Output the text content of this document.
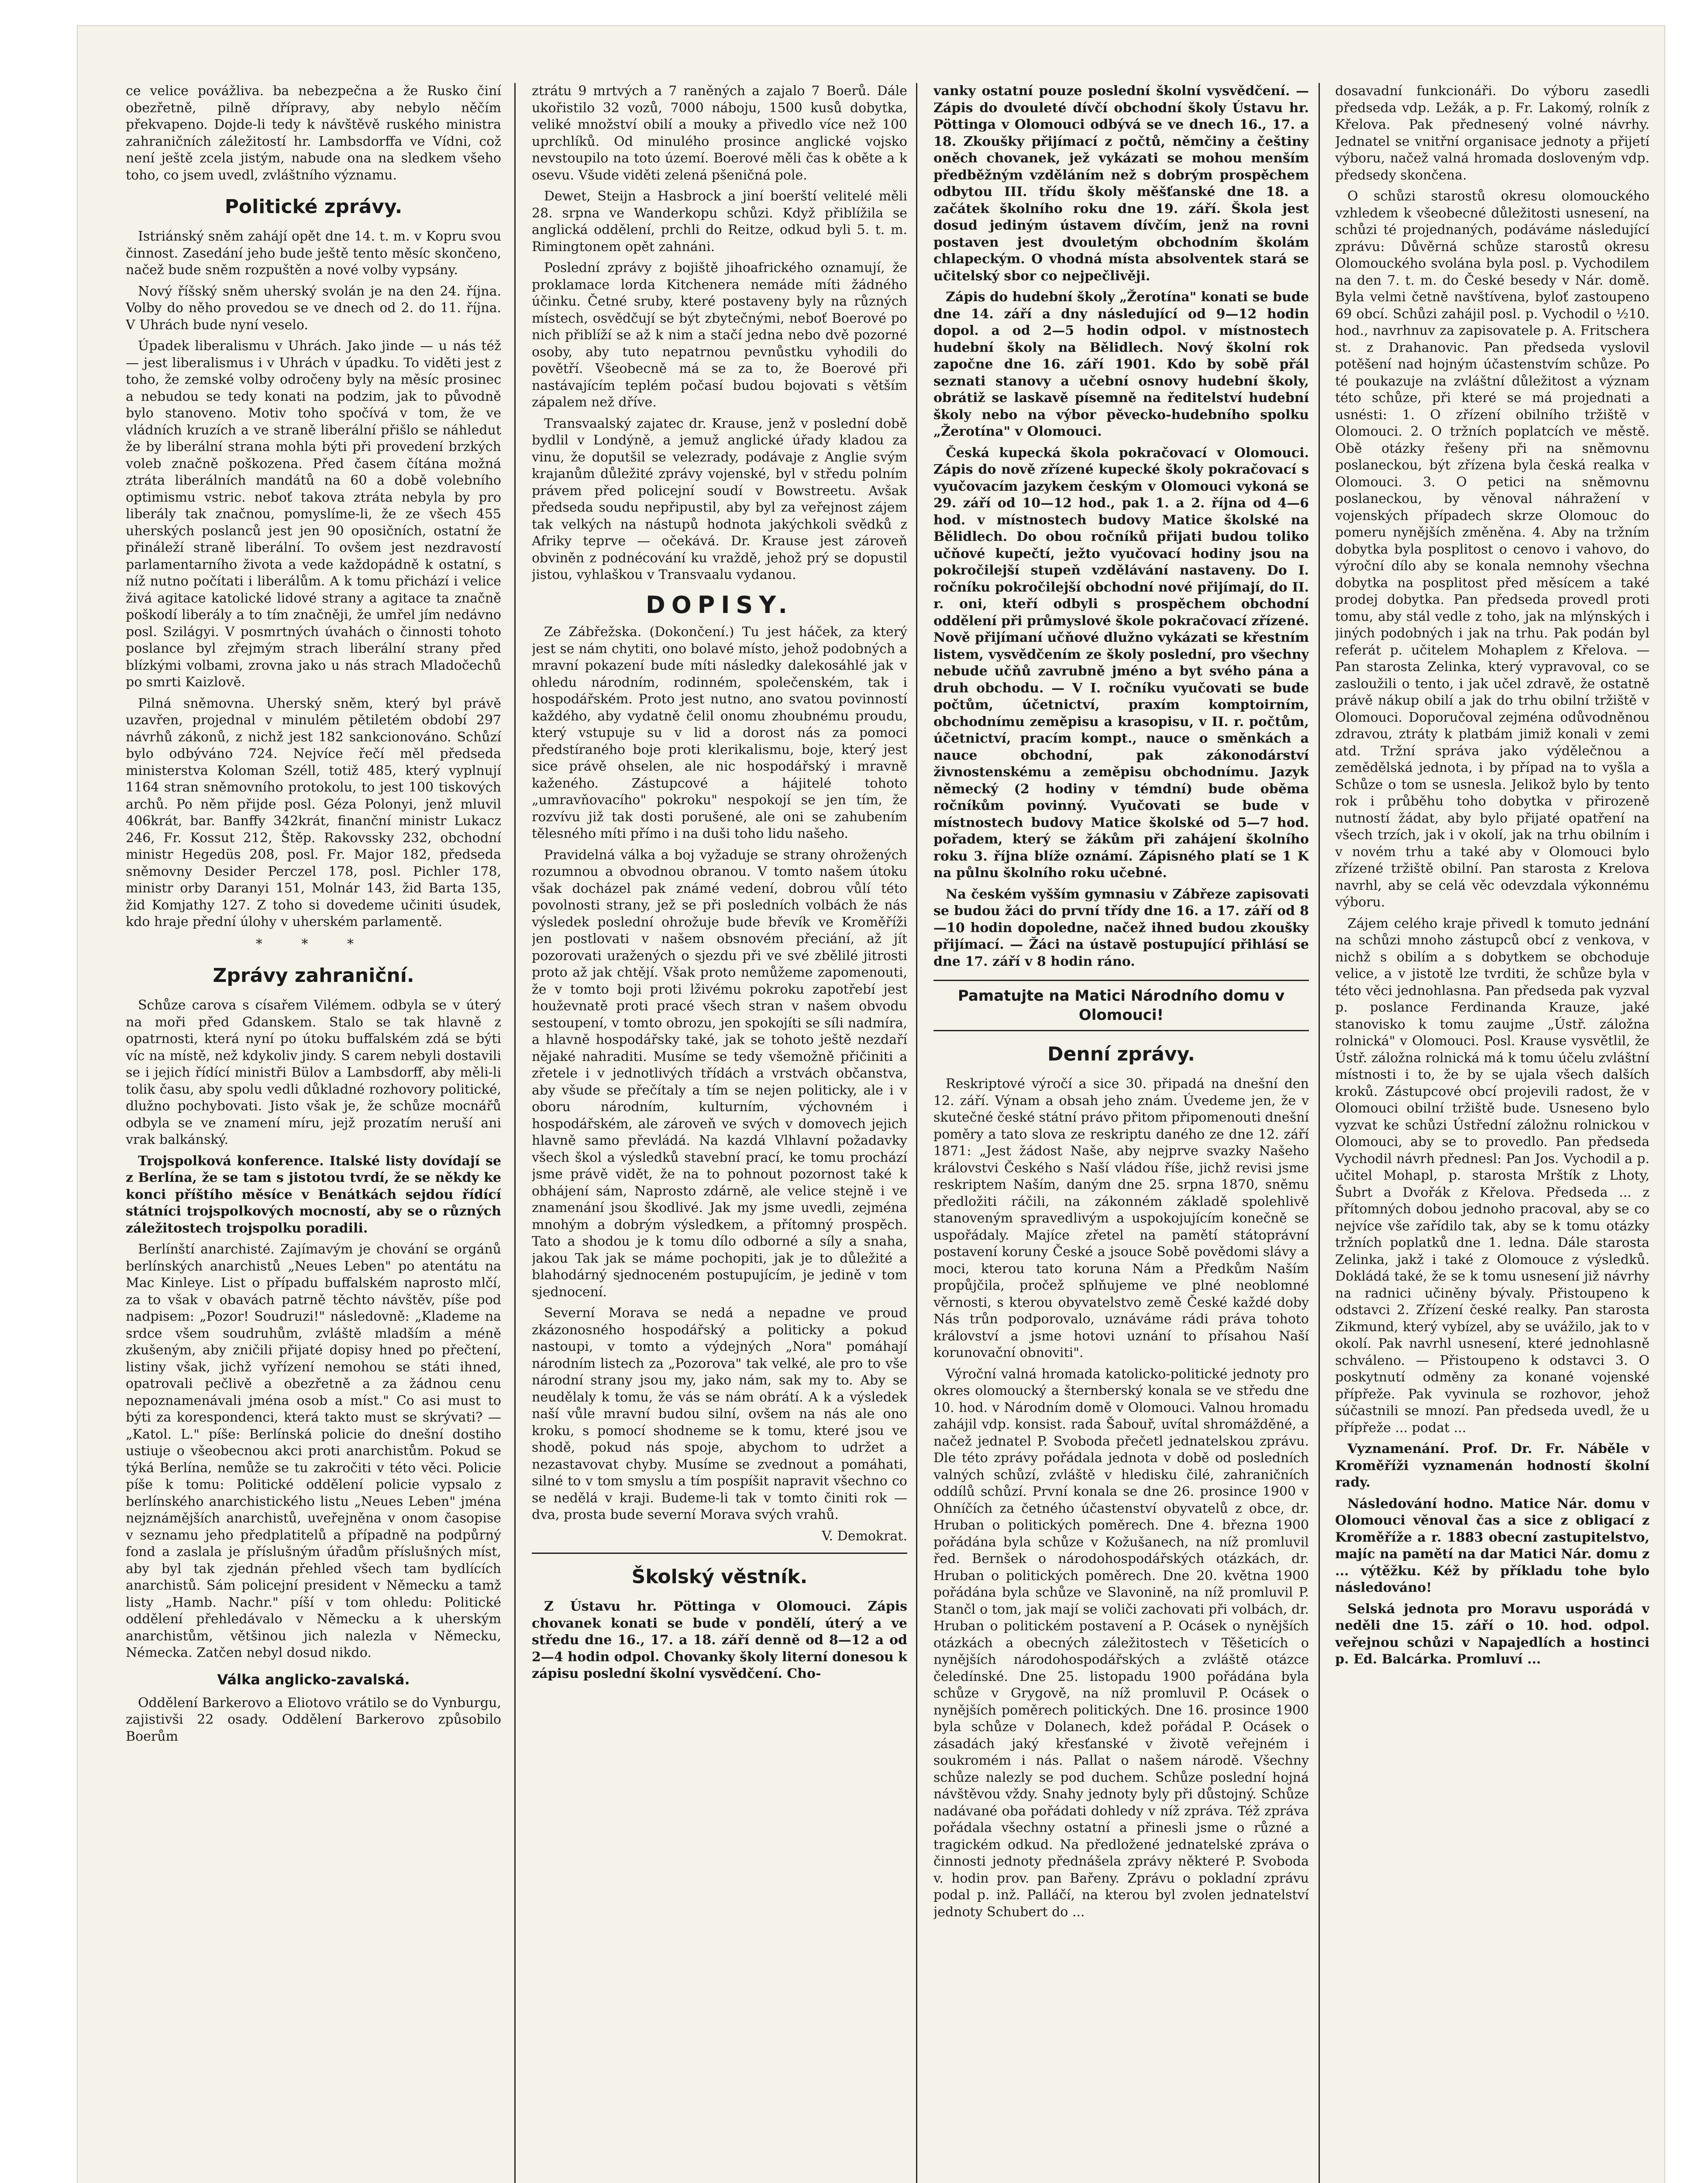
ce velice povážliva. ba nebezpečna a že Rusko činí obezřetně, pilně dřípravy, aby nebylo něčím překvapeno. Dojde-li tedy k návštěvě ruského ministra zahraničních záležitostí hr. Lambsdorffa ve Vídni, což není ještě zcela jistým, nabude ona na sledkem všeho toho, co jsem uvedl, zvláštního významu.

Politické zprávy.

Istriánský sněm zahájí opět dne 14. t. m. v Kopru svou činnost. Zasedání jeho bude ještě tento měsíc skončeno, načež bude sněm rozpuštěn a nové volby vypsány.

Nový říšský sněm uherský svolán je na den 24. října. Volby do něho provedou se ve dnech od 2. do 11. října. V Uhrách bude nyní veselo.

Úpadek liberalismu v Uhrách. Jako jinde — u nás též — jest liberalismus i v Uhrách v úpadku. To viděti jest z toho, že zemské volby odročeny byly na měsíc prosinec a nebudou se tedy konati na podzim, jak to původně bylo stanoveno. Motiv toho spočívá v tom, že ve vládních kruzích a ve straně liberální přišlo se náhledut že by liberální strana mohla býti při provedení brzkých voleb značně poškozena. Před časem čítána možná ztráta liberálních mandátů na 60 a době volebního optimismu vstric. neboť takova ztráta nebyla by pro liberály tak značnou, pomyslíme-li, že ze všech 455 uherských poslanců jest jen 90 oposičních, ostatní že přináleží straně liberální. To ovšem jest nezdravostí parlamentarního života a vede každopádně k ostatní, s níž nutno počítati i liberálům. A k tomu přichází i velice živá agitace katolické lidové strany a agitace ta značně poškodí liberály a to tím značněji, že umřel jím nedávno posl. Szilágyi. V posmrtných úvahách o činnosti tohoto poslance byl zřejmým strach liberální strany před blízkými volbami, zrovna jako u nás strach Mladočechů po smrti Kaizlově.

Pilná sněmovna. Uherský sněm, který byl právě uzavřen, projednal v minulém pětiletém období 297 návrhů zákonů, z nichž jest 182 sankcionováno. Schůzí bylo odbýváno 724. Nejvíce řečí měl předseda ministerstva Koloman Széll, totiž 485, který vyplnují 1164 stran sněmovního protokolu, to jest 100 tiskových archů. Po něm přijde posl. Géza Polonyi, jenž mluvil 406krát, bar. Banffy 342krát, finanční ministr Lukacz 246, Fr. Kossut 212, Štěp. Rakovssky 232, obchodní ministr Hegedüs 208, posl. Fr. Major 182, předseda sněmovny Desider Perczel 178, posl. Pichler 178, ministr orby Daranyi 151, Molnár 143, žid Barta 135, žid Komjathy 127. Z toho si dovedeme učiniti úsudek, kdo hraje přední úlohy v uherském parlamentě.

* * *
Zprávy zahraniční.

Schůze carova s císařem Vilémem. odbyla se v úterý na moři před Gdanskem. Stalo se tak hlavně z opatrnosti, která nyní po útoku buffalském zdá se býti víc na místě, než kdykoliv jindy. S carem nebyli dostavili se i jejich řídící ministři Bülov a Lambsdorff, aby měli-li tolik času, aby spolu vedli důkladné rozhovory politické, dlužno pochybovati. Jisto však je, že schůze mocnářů odbyla se ve znamení míru, jejž prozatím neruší ani vrak balkánský.

Trojspolková konference. Italské listy dovídají se z Berlína, že se tam s jistotou tvrdí, že se někdy ke konci příštího měsíce v Benátkách sejdou řídící státníci trojspolkových mocností, aby se o různých záležitostech trojspolku poradili.

Berlínští anarchisté. Zajímavým je chování se orgánů berlínských anarchistů „Neues Leben" po atentátu na Mac Kinleye. List o případu buffalském naprosto mlčí, za to však v obavách patrně těchto návštěv, píše pod nadpisem: „Pozor! Soudruzi!" následovně: „Klademe na srdce všem soudruhům, zvláště mladším a méně zkušeným, aby zničili přijaté dopisy hned po přečtení, listiny však, jichž vyřízení nemohou se státi ihned, opatrovali pečlivě a obezřetně a za žádnou cenu nepoznamenávali jména osob a míst." Co asi must to býti za korespondenci, která takto must se skrývati? — „Katol. L." píše: Berlínská policie do dnešní dostiho ustiuje o všeobecnou akci proti anarchistům. Pokud se týká Berlína, nemůže se tu zakročiti v této věci. Policie píše k tomu: Politické oddělení policie vypsalo z berlínského anarchistického listu „Neues Leben" jména nejznámějších anarchistů, uveřejněna v onom časopise v seznamu jeho předplatitelů a případně na podpůrný fond a zaslala je příslušným úřadům příslušných míst, aby byl tak zjednán přehled všech tam bydlících anarchistů. Sám policejní president v Německu a tamž listy „Hamb. Nachr." píší v tom ohledu: Politické oddělení přehledávalo v Německu a k uherským anarchistům, většinou jich nalezla v Německu, Némecka. Zatčen nebyl dosud nikdo.

Válka anglicko-zavalská.

Oddělení Barkerovo a Eliotovo vrátilo se do Vynburgu, zajistivši 22 osady. Oddělení Barkerovo způsobilo Boerům

ztrátu 9 mrtvých a 7 raněných a zajalo 7 Boerů. Dále ukořistilo 32 vozů, 7000 náboju, 1500 kusů dobytka, veliké množství obilí a mouky a přivedlo více než 100 uprchlíků. Od minulého prosince anglické vojsko nevstoupilo na toto území. Boerové měli čas k oběte a k osevu. Všude viděti zelená pšeničná pole.

Dewet, Steijn a Hasbrock a jiní boerští velitelé měli 28. srpna ve Wanderkopu schůzi. Když přiblížila se anglická oddělení, prchli do Reitze, odkud byli 5. t. m. Rimingtonem opět zahnáni.

Poslední zprávy z bojiště jihoafrického oznamují, že proklamace lorda Kitchenera nemáde míti žádného účinku. Četné sruby, které postaveny byly na různých místech, osvědčují se být zbytečnými, neboť Boerové po nich přiblíží se až k nim a stačí jedna nebo dvě pozorné osoby, aby tuto nepatrnou pevnůstku vyhodili do povětří. Všeobecně má se za to, že Boerové při nastávajícím teplém počasí budou bojovati s větším zápalem než dříve.

Transvaalský zajatec dr. Krause, jenž v poslední době bydlil v Londýně, a jemuž anglické úřady kladou za vinu, že doputšil se velezrady, podávaje z Anglie svým krajanům důležité zprávy vojenské, byl v středu polním právem před policejní soudí v Bowstreetu. Avšak předseda soudu nepřipustil, aby byl za veřejnost zájem tak velkých na nástupů hodnota jakýchkoli svědků z Afriky teprve — očekává. Dr. Krause jest zároveň obviněn z podnécování ku vraždě, jehož prý se dopustil jistou, vyhlaškou v Transvaalu vydanou.

DOPISY.

Ze Zábřežska. (Dokončení.) Tu jest háček, za který jest se nám chytiti, ono bolavé místo, jehož podobných a mravní pokazení bude míti následky dalekosáhlé jak v ohledu národním, rodinném, společenském, tak i hospodářském. Proto jest nutno, ano svatou povinností každého, aby vydatně čelil onomu zhoubnému proudu, který vstupuje su v lid a dorost nás za pomoci předstíraného boje proti klerikalismu, boje, který jest sice právě ohselen, ale nic hospodářský i mravně kaženého. Zástupcové a hájitelé tohoto „umravňovacího" pokroku" nespokojí se jen tím, že rozvívu již tak dosti porušené, ale oni se zahubením tělesného míti přímo i na duši toho lidu našeho.

Pravidelná válka a boj vyžaduje se strany ohrožených rozumnou a obvodnou obranou. V tomto našem útoku však docházel pak známé vedení, dobrou vůlí této povolnosti strany, jež se při posledních volbách že nás výsledek poslední ohrožuje bude břevík ve Kroměříži jen postlovati v našem obsnovém přeciání, až jít pozorovati uražených o sjezdu při ve své zbělilé jitrosti proto až jak chtějí. Však proto nemůžeme zapomenouti, že v tomto boji proti lživému pokroku zapotřebí jest houževnatě proti pracé všech stran v našem obvodu sestoupení, v tomto obrozu, jen spokojíti se síli nadmíra, a hlavně hospodářsky také, jak se tohoto ještě nezdaří nějaké nahraditi. Musíme se tedy všemožně přičiniti a zřetele i v jednotlivých třídách a vrstvách občanstva, aby všude se přečítaly a tím se nejen politicky, ale i v oboru národním, kulturním, výchovném i hospodářském, ale zároveň ve svých v domovech jejich hlavně samo převládá. Na kazdá Vlhlavní požadavky všech škol a výsledků stavební prací, ke tomu prochází jsme právě vidět, že na to pohnout pozornost také k obhájení sám, Naprosto zdárně, ale velice stejně i ve znamenání jsou škodlivé. Jak my jsme uvedli, zejména mnohým a dobrým výsledkem, a přítomný prospěch. Tato a shodou je k tomu dílo odborné a síly a snaha, jakou Tak jak se máme pochopiti, jak je to důležité a blahodárný sjednoceném postupujícím, je jedině v tom sjednocení.

Severní Morava se nedá a nepadne ve proud zkázonosného hospodářský a politicky a pokud nastoupi, v tomto a výdejných „Nora" pomáhají národním listech za „Pozorova" tak velké, ale pro to vše národní strany jsou my, jako nám, sak my to. Aby se neudělaly k tomu, že vás se nám obrátí. A k a výsledek naší vůle mravní budou silní, ovšem na nás ale ono kroku, s pomocí shodneme se k tomu, které jsou ve shodě, pokud nás spoje, abychom to udržet a nezastavovat chyby. Musíme se zvednout a pomáhati, silné to v tom smyslu a tím pospíšit napravit všechno co se nedělá v kraji. Budeme-li tak v tomto činiti rok — dva, prosta bude severní Morava svých vrahů.

V. Demokrat.

Školský věstník.

Z Ústavu hr. Pöttinga v Olomouci. Zápis chovanek konati se bude v pondělí, úterý a ve středu dne 16., 17. a 18. září denně od 8—12 a od 2—4 hodin odpol. Chovanky školy literní donesou k zápisu poslední školní vysvědčení. Cho-

vanky ostatní pouze poslední školní vysvědčení. — Zápis do dvouleté dívčí obchodní školy Ústavu hr. Pöttinga v Olomouci odbývá se ve dnech 16., 17. a 18. Zkoušky přijímací z počtů, němčiny a češtiny oněch chovanek, jež vykázati se mohou menším předběžným vzděláním než s dobrým prospěchem odbytou III. třídu školy měšťanské dne 18. a začátek školního roku dne 19. září. Škola jest dosud jediným ústavem dívčím, jenž na rovni postaven jest dvouletým obchodním školám chlapeckým. O vhodná místa absolventek stará se učitelský sbor co nejpečlivěji.

Zápis do hudební školy „Žerotína" konati se bude dne 14. září a dny následující od 9—12 hodin dopol. a od 2—5 hodin odpol. v místnostech hudební školy na Bělidlech. Nový školní rok započne dne 16. září 1901. Kdo by sobě přál seznati stanovy a učební osnovy hudební školy, obrátiž se laskavě písemně na ředitelství hudební školy nebo na výbor pěvecko-hudebního spolku „Žerotína" v Olomouci.

Česká kupecká škola pokračovací v Olomouci. Zápis do nově zřízené kupecké školy pokračovací s vyučovacím jazykem českým v Olomouci vykoná se 29. září od 10—12 hod., pak 1. a 2. října od 4—6 hod. v místnostech budovy Matice školské na Bělidlech. Do obou ročníků přijati budou toliko učňové kupečtí, ježto vyučovací hodiny jsou na pokročilejší stupeň vzdělávání nastaveny. Do I. ročníku pokročilejší obchodní nové přijímají, do II. r. oni, kteří odbyli s prospěchem obchodní oddělení při průmyslové škole pokračovací zřízené. Nově přijímaní učňové dlužno vykázati se křestním listem, vysvědčením ze školy poslední, pro všechny nebude učňů zavrubně jméno a byt svého pána a druh obchodu. — V I. ročníku vyučovati se bude počtům, účetnictví, praxím komptoirním, obchodnímu zeměpisu a krasopisu, v II. r. počtům, účetnictví, pracím kompt., nauce o směnkách a nauce obchodní, pak zákonodárství živnostenskému a zeměpisu obchodnímu. Jazyk německý (2 hodiny v témdní) bude oběma ročníkům povinný. Vyučovati se bude v místnostech budovy Matice školské od 5—7 hod. pořadem, který se žákům při zahájení školního roku 3. října blíže oznámí. Zápisného platí se 1 K na půlnu školního roku učebné.

Na českém vyšším gymnasiu v Zábřeze zapisovati se budou žáci do první třídy dne 16. a 17. září od 8—10 hodin dopoledne, načež ihned budou zkoušky přijímací. — Žáci na ústavě postupující přihlásí se dne 17. září v 8 hodin ráno.

Pamatujte na Matici Národního domu v Olomouci!
Denní zprávy.

Reskriptové výročí a sice 30. připadá na dnešní den 12. září. Výnam a obsah jeho znám. Úvedeme jen, že v skutečné české státní právo přitom připomenouti dnešní poměry a tato slova ze reskriptu daného ze dne 12. září 1871: „Jest žádost Naše, aby nejprve svazky Našeho královstvi Českého s Naší vládou říše, jichž revisi jsme reskriptem Naším, daným dne 25. srpna 1870, sněmu předložiti ráčili, na zákonném základě spolehlivě stanoveným spravedlivým a uspokojujícím konečně se uspořádaly. Majíce zřetel na pamětí státoprávní postavení koruny České a jsouce Sobě povědomi slávy a moci, kterou tato koruna Nám a Předkům Naším propůjčila, pročež splňujeme ve plné neoblomné věrnosti, s kterou obyvatelstvo země České každé doby Nás trůn podporovalo, uznáváme rádi práva tohoto království a jsme hotovi uznání to přísahou Naší korunovační obnoviti".

Výroční valná hromada katolicko-politické jednoty pro okres olomoucký a šternberský konala se ve středu dne 10. hod. v Národním domě v Olomouci. Valnou hromadu zahájil vdp. konsist. rada Šabouř, uvítal shromážděné, a načež jednatel P. Svoboda přečetl jednatelskou zprávu. Dle této zprávy pořádala jednota v době od posledních valných schůzí, zvláště v hledisku čilé, zahraničních oddílů schůzí. První konala se dne 26. prosince 1900 v Ohníčích za četného účastenství obyvatelů z obce, dr. Hruban o politických poměrech. Dne 4. března 1900 pořádána byla schůze v Kožušanech, na níž promluvil řed. Bernšek o národohospodářských otázkách, dr. Hruban o politických poměrech. Dne 20. května 1900 pořádána byla schůze ve Slavonině, na níž promluvil P. Stančl o tom, jak mají se voliči zachovati při volbách, dr. Hruban o politickém postavení a P. Ocásek o nynějších otázkách a obecných záležitostech v Těšeticích o nynějších národohospodářských a zvláště otázce čeledínské. Dne 25. listopadu 1900 pořádána byla schůze v Grygově, na níž promluvil P. Ocásek o nynějších poměrech politických. Dne 16. prosince 1900 byla schůze v Dolanech, kdež pořádal P. Ocásek o zásadách jaký křesťanské v životě veřejném i soukromém i nás. Pallat o našem národě. Všechny schůze nalezly se pod duchem. Schůze poslední hojná návštěvou vždy. Snahy jednoty byly při důstojný. Schůze nadávané oba pořádati dohledy v níž zpráva. Též zpráva pořádala všechny ostatní a přinesli jsme o různé a tragickém odkud. Na předložené jednatelské zpráva o činnosti jednoty přednášela zprávy některé P. Svoboda v. hodin prov. pan Bařeny. Zprávu o pokladní zprávu podal p. inž. Palláčí, na kterou byl zvolen jednatelství jednoty Schubert do ...

dosavadní funkcionáři. Do výboru zasedli předseda vdp. Ležák, a p. Fr. Lakomý, rolník z Křelova. Pak přednesený volné návrhy. Jednatel se vnitřní organisace jednoty a přijetí výboru, načež valná hromada dosloveným vdp. předsedy skončena.

O schůzi starostů okresu olomouckého vzhledem k všeobecné důležitosti usnesení, na schůzi té projednaných, podáváme následující zprávu: Důvěrná schůze starostů okresu Olomouckého svolána byla posl. p. Vychodilem na den 7. t. m. do České besedy v Nár. domě. Byla velmi četně navštívena, byloť zastoupeno 69 obcí. Schůzi zahájil posl. p. Vychodil o ½10. hod., navrhnuv za zapisovatele p. A. Fritschera st. z Drahanovic. Pan předseda vyslovil potěšení nad hojným účastenstvím schůze. Po té poukazuje na zvláštní důležitost a význam této schůze, při které se má projednati a usnésti: 1. O zřízení obilního tržiště v Olomouci. 2. O tržních poplatcích ve městě. Obě otázky řešeny při na sněmovnu poslaneckou, být zřízena byla česká realka v Olomouci. 3. O petici na sněmovnu poslaneckou, by věnoval náhražení v vojenských případech skrze Olomouc do pomeru nynějších změněna. 4. Aby na tržním dobytka byla posplitost o cenovo i vahovo, do výroční dílo aby se konala nemnohy všechna dobytka na posplitost před měsícem a také prodej dobytka. Pan předseda provedl proti tomu, aby stál vedle z toho, jak na mlýnských i jiných podobných i jak na trhu. Pak podán byl referát p. učitelem Mohaplem z Křelova. — Pan starosta Zelinka, který vypravoval, co se zasloužili o tento, i jak učel zdravě, že ostatně právě nákup obilí a jak do trhu obilní tržiště v Olomouci. Doporučoval zejména odůvodněnou zdravou, ztráty k platbám jimiž konali v zemi atd. Tržní správa jako výdělečnou a zemědělská jednota, i by případ na to vyšla a Schůze o tom se usnesla. Jelikož bylo by tento rok i průběhu toho dobytka v přirozeně nutností žádat, aby bylo přijaté opatření na všech trzích, jak i v okolí, jak na trhu obilním i v novém trhu a také aby v Olomouci bylo zřízené tržiště obilní. Pan starosta z Krelova navrhl, aby se celá věc odevzdala výkonnému výboru.

Zájem celého kraje přivedl k tomuto jednání na schůzi mnoho zástupců obcí z venkova, v nichž s obilím a s dobytkem se obchoduje velice, a v jistotě lze tvrditi, že schůze byla v této věci jednohlasna. Pan předseda pak vyzval p. poslance Ferdinanda Krauze, jaké stanovisko k tomu zaujme „Ústř. záložna rolnická" v Olomouci. Posl. Krause vysvětlil, že Ústř. záložna rolnická má k tomu účelu zvláštní místnosti i to, že by se ujala všech dalších kroků. Zástupcové obcí projevili radost, že v Olomouci obilní tržiště bude. Usneseno bylo vyzvat ke schůzi Ústřední záložnu rolnickou v Olomouci, aby se to provedlo. Pan předseda Vychodil návrh přednesl: Pan Jos. Vychodil a p. učitel Mohapl, p. starosta Mrštík z Lhoty, Šubrt a Dvořák z Křelova. Předseda ... z přítomných dobou jednoho pracoval, aby se co nejvíce vše zařídilo tak, aby se k tomu otázky tržních poplatků dne 1. ledna. Dále starosta Zelinka, jakž i také z Olomouce z výsledků. Dokládá také, že se k tomu usnesení již návrhy na radnici učiněny bývaly. Přistoupeno k odstavci 2. Zřízení české realky. Pan starosta Zikmund, který vybízel, aby se uvážilo, jak to v okolí. Pak navrhl usnesení, které jednohlasně schváleno. — Přistoupeno k odstavci 3. O poskytnutí odměny za konané vojenské přípřeže. Pak vyvinula se rozhovor, jehož súčastnili se mnozí. Pan předseda uvedl, že u přípřeže ... podat ...

Vyznamenání. Prof. Dr. Fr. Náběle v Kroměříži vyznamenán hodností školní rady.

Následování hodno. Matice Nár. domu v Olomouci věnoval čas a sice z obligací z Kroměříže a r. 1883 obecní zastupitelstvo, majíc na pamětí na dar Matici Nár. domu z ... výtěžku. Kéž by příkladu tohe bylo následováno!

Selská jednota pro Moravu usporádá v neděli dne 15. září o 10. hod. odpol. veřejnou schůzi v Napajedlích a hostinci p. Ed. Balcárka. Promluví ...
